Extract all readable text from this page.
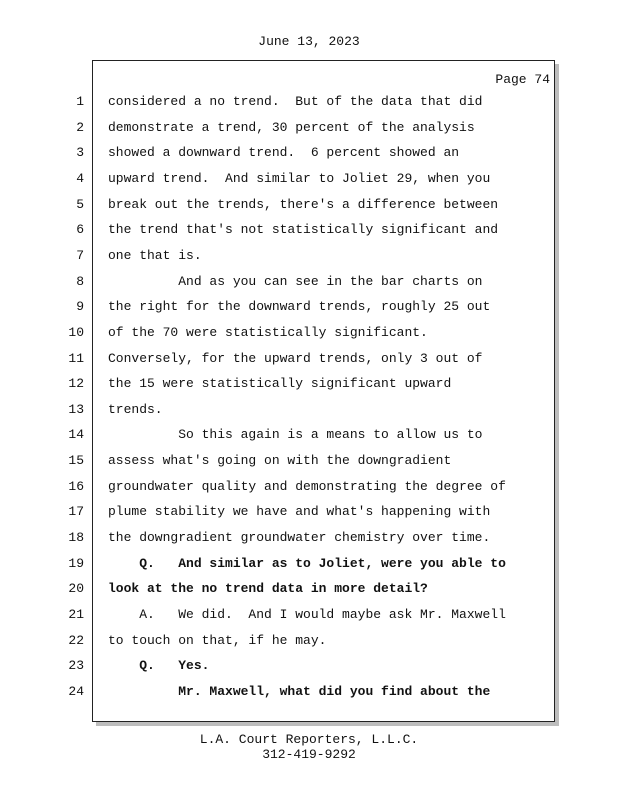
June 13, 2023
Page 74
1 considered a no trend.  But of the data that did
2 demonstrate a trend, 30 percent of the analysis
3 showed a downward trend.  6 percent showed an
4 upward trend.  And similar to Joliet 29, when you
5 break out the trends, there's a difference between
6 the trend that's not statistically significant and
7 one that is.
8 And as you can see in the bar charts on
9 the right for the downward trends, roughly 25 out
10 of the 70 were statistically significant.
11 Conversely, for the upward trends, only 3 out of
12 the 15 were statistically significant upward
13 trends.
14 So this again is a means to allow us to
15 assess what's going on with the downgradient
16 groundwater quality and demonstrating the degree of
17 plume stability we have and what's happening with
18 the downgradient groundwater chemistry over time.
19 Q.   And similar as to Joliet, were you able to
20 look at the no trend data in more detail?
21 A.   We did.  And I would maybe ask Mr. Maxwell
22 to touch on that, if he may.
23 Q.   Yes.
24 Mr. Maxwell, what did you find about the
L.A. Court Reporters, L.L.C.
312-419-9292
